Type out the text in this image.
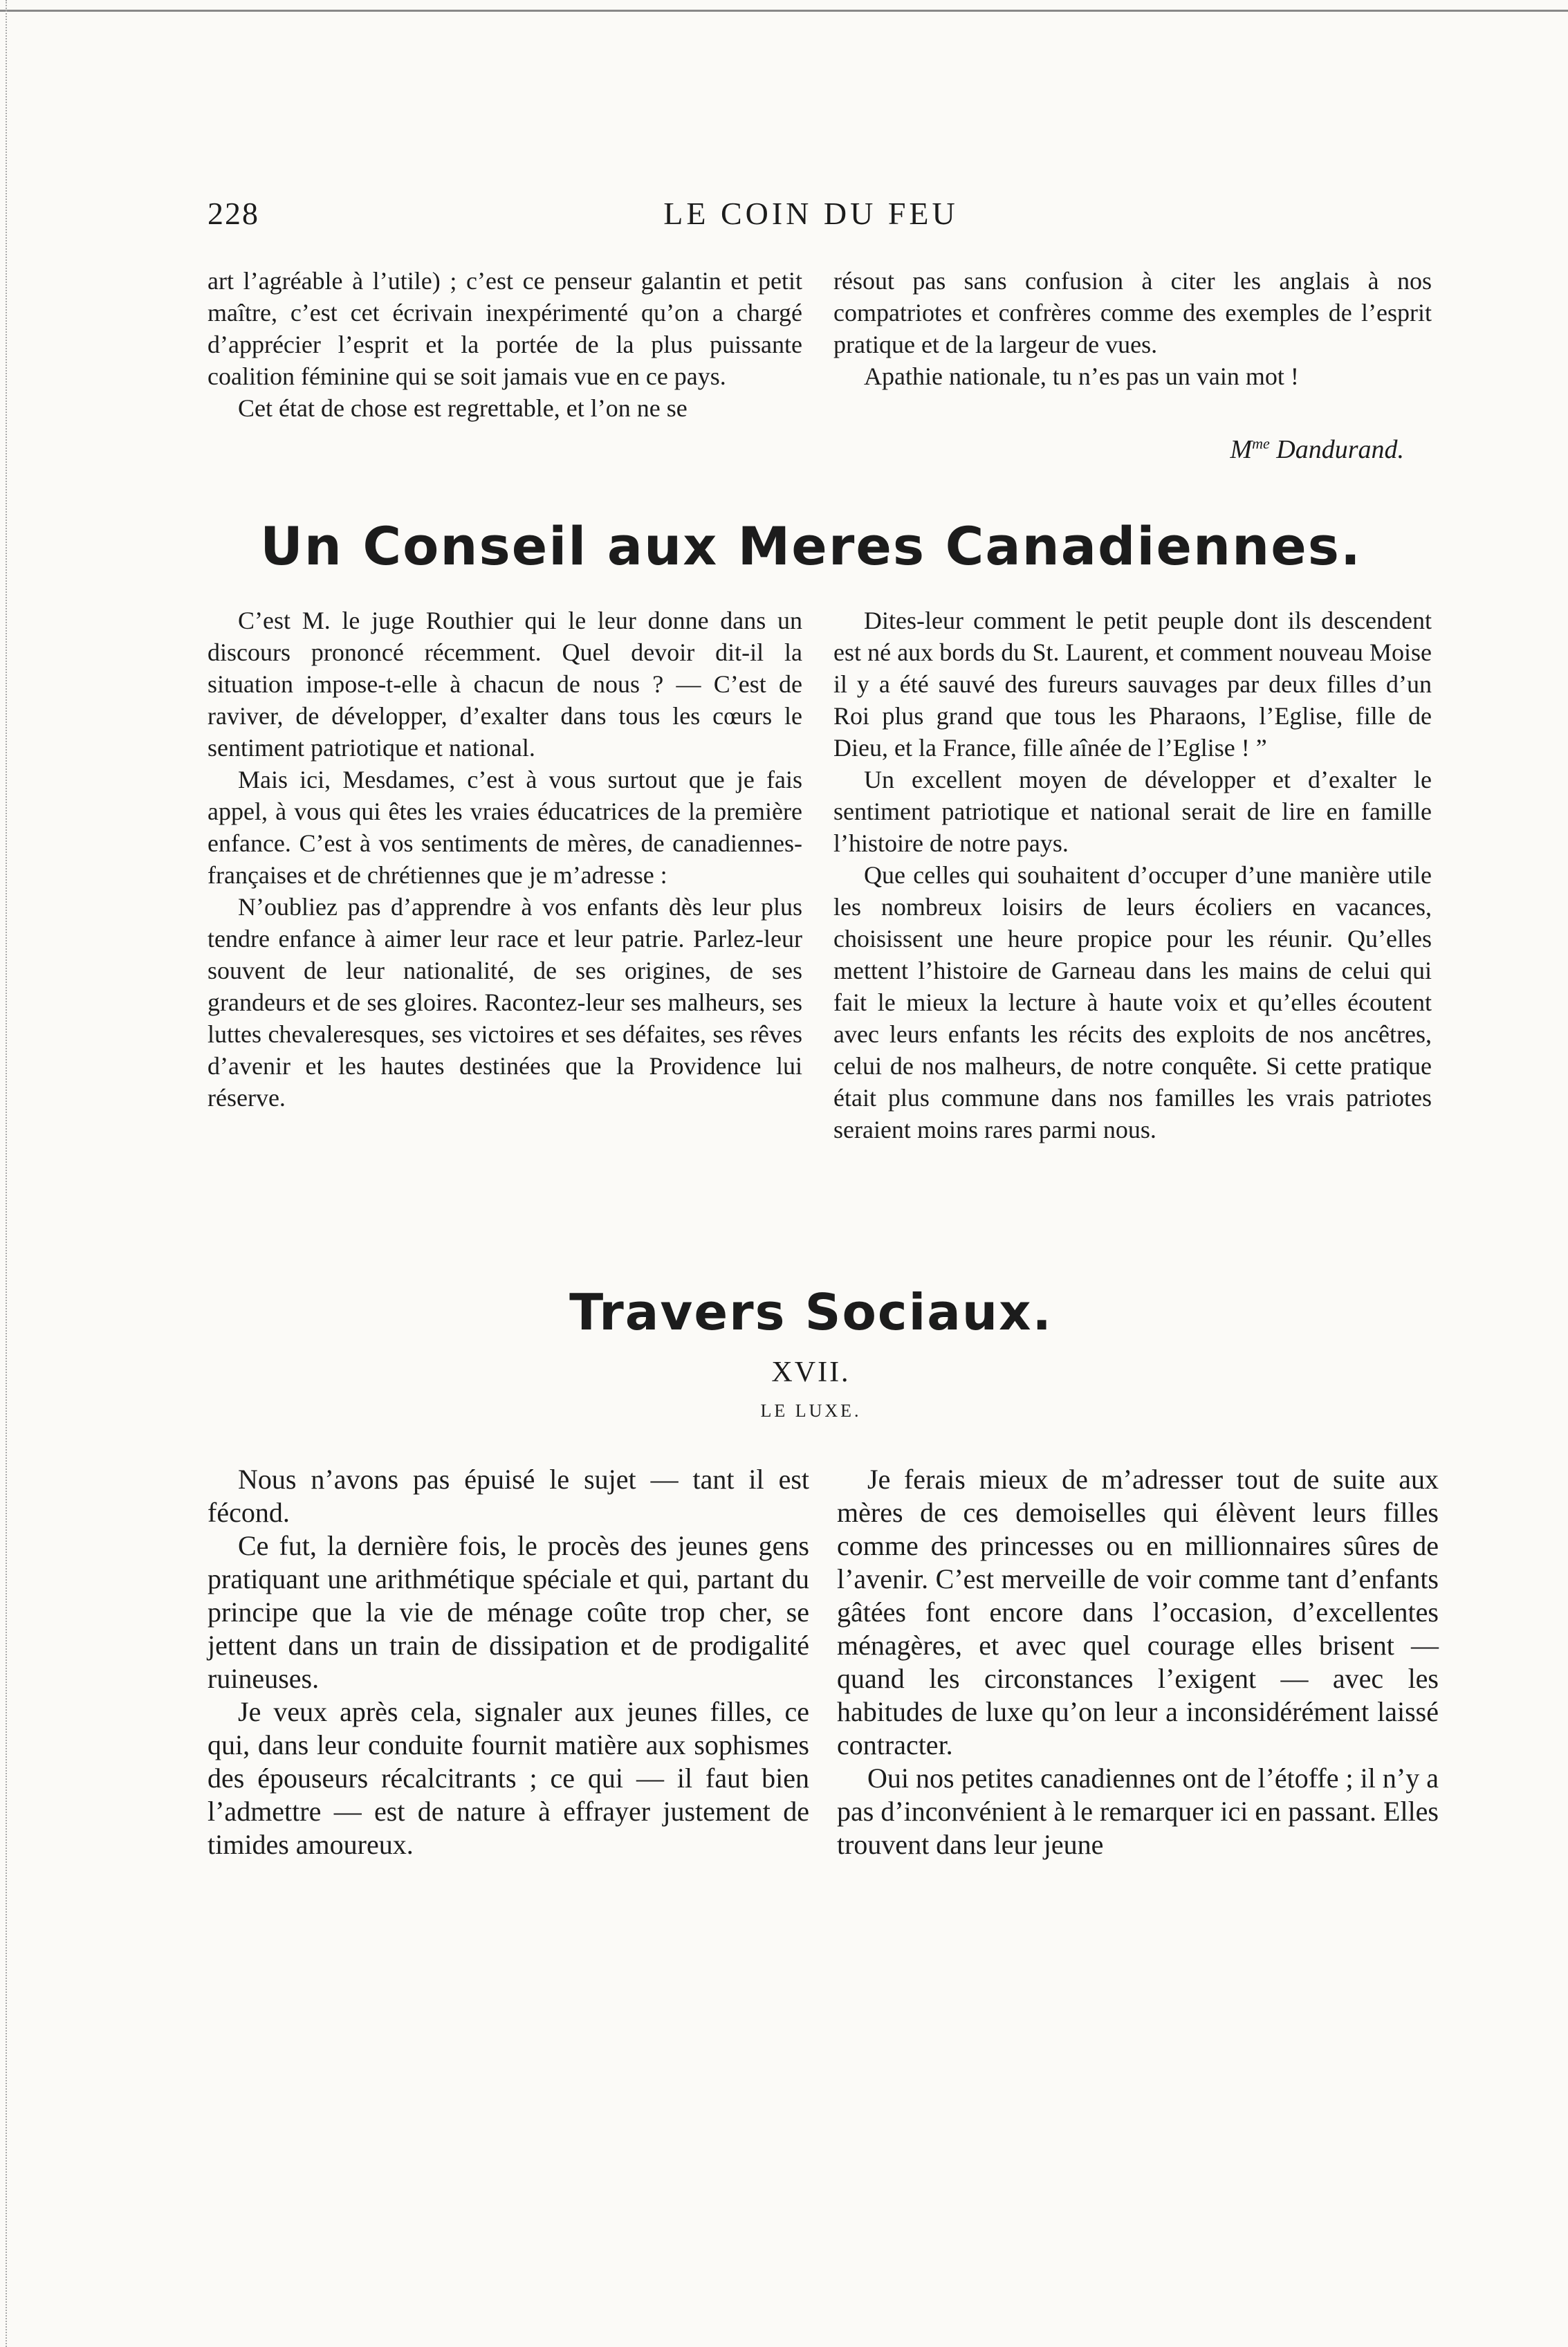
228	LE COIN DU FEU

art l’agréable à l’utile) ; c’est ce penseur galantin et petit maître, c’est cet écrivain inexpérimenté qu’on a chargé d’apprécier l’esprit et la portée de la plus puissante coalition féminine qui se soit jamais vue en ce pays.

Cet état de chose est regrettable, et l’on ne se

résout pas sans confusion à citer les anglais à nos compatriotes et confrères comme des exemples de l’esprit pratique et de la largeur de vues.

Apathie nationale, tu n’es pas un vain mot !

$M^{me}$ Dandurand.
Un Conseil aux Meres Canadiennes.

C’est M. le juge Routhier qui le leur donne dans un discours prononcé récemment. Quel devoir dit-il la situation impose-t-elle à chacun de nous ? — C’est de raviver, de développer, d’exalter dans tous les cœurs le sentiment patriotique et national.

Mais ici, Mesdames, c’est à vous surtout que je fais appel, à vous qui êtes les vraies éducatrices de la première enfance. C’est à vos sentiments de mères, de canadiennes-françaises et de chrétiennes que je m’adresse :

N’oubliez pas d’apprendre à vos enfants dès leur plus tendre enfance à aimer leur race et leur patrie. Parlez-leur souvent de leur nationalité, de ses origines, de ses grandeurs et de ses gloires. Racontez-leur ses malheurs, ses luttes chevaleresques, ses victoires et ses défaites, ses rêves d’avenir et les hautes destinées que la Providence lui réserve.

Dites-leur comment le petit peuple dont ils descendent est né aux bords du St. Laurent, et comment nouveau Moise il y a été sauvé des fureurs sauvages par deux filles d’un Roi plus grand que tous les Pharaons, l’Eglise, fille de Dieu, et la France, fille aînée de l’Eglise ! ”

Un excellent moyen de développer et d’exalter le sentiment patriotique et national serait de lire en famille l’histoire de notre pays.

Que celles qui souhaitent d’occuper d’une manière utile les nombreux loisirs de leurs écoliers en vacances, choisissent une heure propice pour les réunir. Qu’elles mettent l’histoire de Garneau dans les mains de celui qui fait le mieux la lecture à haute voix et qu’elles écoutent avec leurs enfants les récits des exploits de nos ancêtres, celui de nos malheurs, de notre conquête. Si cette pratique était plus commune dans nos familles les vrais patriotes seraient moins rares parmi nous.

Travers Sociaux.
XVII.
LE LUXE.

Nous n’avons pas épuisé le sujet — tant il est fécond.

Ce fut, la dernière fois, le procès des jeunes gens pratiquant une arithmétique spéciale et qui, partant du principe que la vie de ménage coûte trop cher, se jettent dans un train de dissipation et de prodigalité ruineuses.

Je veux après cela, signaler aux jeunes filles, ce qui, dans leur conduite fournit matière aux sophismes des épouseurs récalcitrants ; ce qui — il faut bien l’admettre — est de nature à effrayer justement de timides amoureux.

Je ferais mieux de m’adresser tout de suite aux mères de ces demoiselles qui élèvent leurs filles comme des princesses ou en millionnaires sûres de l’avenir. C’est merveille de voir comme tant d’enfants gâtées font encore dans l’occasion, d’excellentes ménagères, et avec quel courage elles brisent — quand les circonstances l’exigent — avec les habitudes de luxe qu’on leur a inconsidérément laissé contracter.

Oui nos petites canadiennes ont de l’étoffe ; il n’y a pas d’inconvénient à le remarquer ici en passant. Elles trouvent dans leur jeune
